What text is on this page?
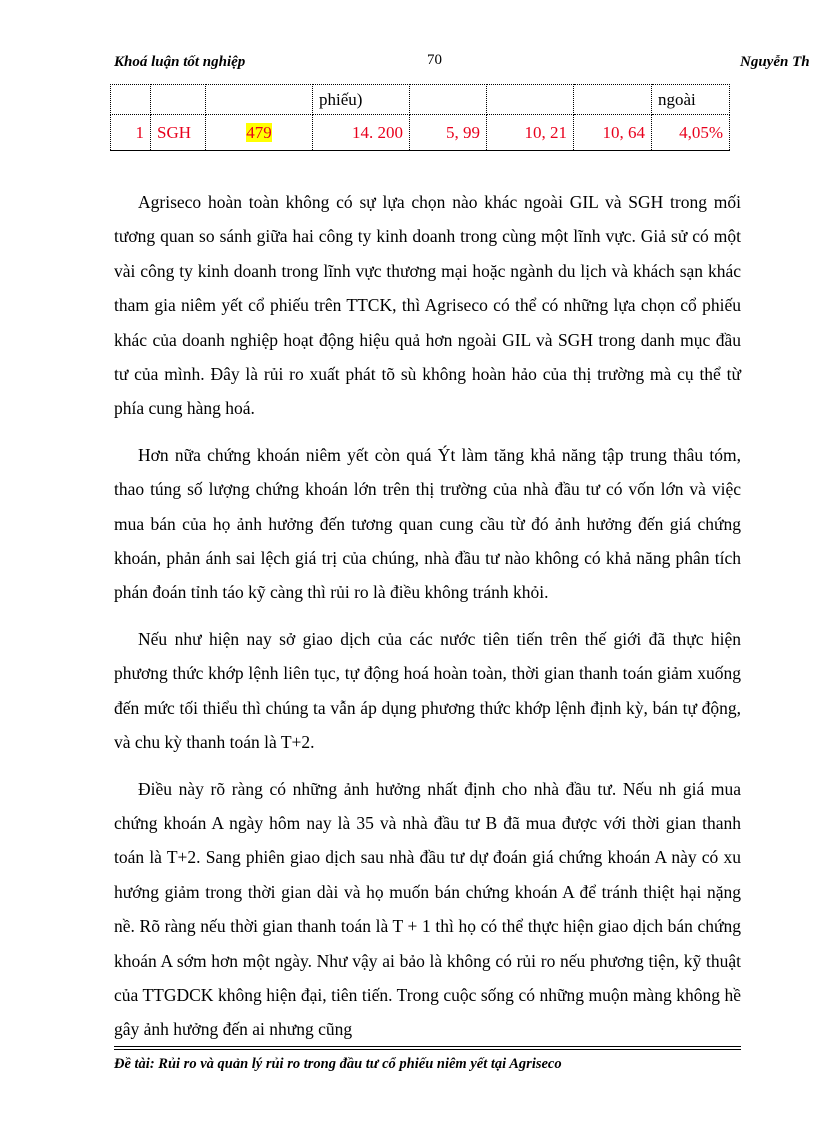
Khoá luận tốt nghiệp	70	Nguyễn Th
			phiếu)				ngoài
1	SGH	479	14. 200	5, 99	10, 21	10, 64	4,05%

Agriseco hoàn toàn không có sự lựa chọn nào khác ngoài GIL và SGH trong mối tương quan so sánh giữa hai công ty kinh doanh trong cùng một lĩnh vực. Giả sử có một vài công ty kinh doanh trong lĩnh vực thương mại hoặc ngành du lịch và khách sạn khác tham gia niêm yết cổ phiếu trên TTCK, thì Agriseco có thể có những lựa chọn cổ phiếu khác của doanh nghiệp hoạt động hiệu quả hơn ngoài GIL và SGH trong danh mục đầu tư của mình. Đây là rủi ro xuất phát tõ sù không hoàn hảo của thị trường mà cụ thể từ phía cung hàng hoá.

Hơn nữa chứng khoán niêm yết còn quá Ýt làm tăng khả năng tập trung thâu tóm, thao túng số lượng chứng khoán lớn trên thị trường của nhà đầu tư có vốn lớn và việc mua bán của họ ảnh hưởng đến tương quan cung cầu từ đó ảnh hưởng đến giá chứng khoán, phản ánh sai lệch giá trị của chúng, nhà đầu tư nào không có khả năng phân tích phán đoán tỉnh táo kỹ càng thì rủi ro là điều không tránh khỏi.

Nếu như hiện nay sở giao dịch của các nước tiên tiến trên thế giới đã thực hiện phương thức khớp lệnh liên tục, tự động hoá hoàn toàn, thời gian thanh toán giảm xuống đến mức tối thiểu thì chúng ta vẫn áp dụng phương thức khớp lệnh định kỳ, bán tự động, và chu kỳ thanh toán là T+2.

Điều này rõ ràng có những ảnh hưởng nhất định cho nhà đầu tư. Nếu nh giá mua chứng khoán A ngày hôm nay là 35 và nhà đầu tư B đã mua được với thời gian thanh toán là T+2. Sang phiên giao dịch sau nhà đầu tư dự đoán giá chứng khoán A này có xu hướng giảm trong thời gian dài và họ muốn bán chứng khoán A để tránh thiệt hại nặng nề. Rõ ràng nếu thời gian thanh toán là T + 1 thì họ có thể thực hiện giao dịch bán chứng khoán A sớm hơn một ngày. Như vậy ai bảo là không có rủi ro nếu phương tiện, kỹ thuật của TTGDCK không hiện đại, tiên tiến. Trong cuộc sống có những muộn màng không hề gây ảnh hưởng đến ai nhưng cũng

Đề tài: Rủi ro và quản lý rủi ro trong đầu tư cổ phiếu niêm yết tại Agriseco
